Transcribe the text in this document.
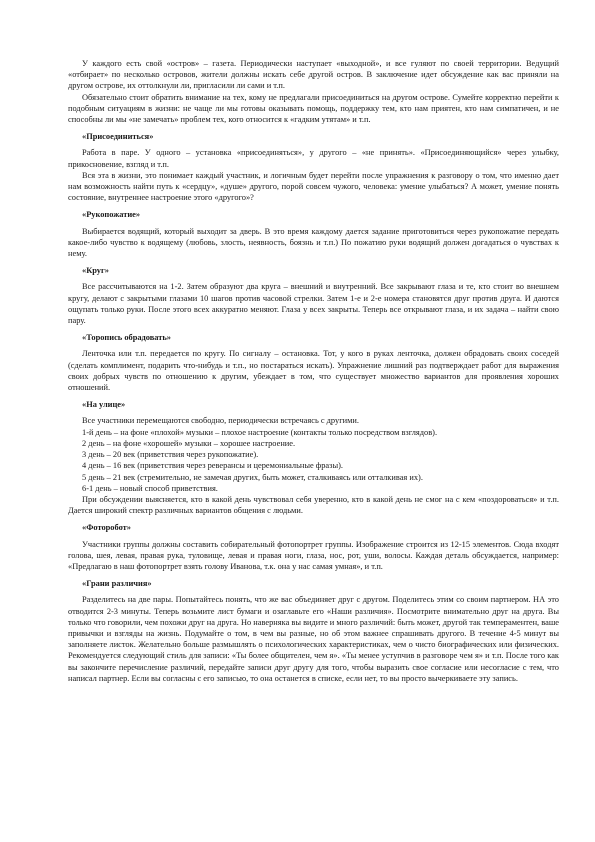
У каждого есть свой «остров» – газета. Периодически наступает «выходной», и все гуляют по своей территории. Ведущий «отбирает» по несколько островов, жители должны искать себе другой остров. В заключение идет обсуждение как вас приняли на другом острове, их оттолкнули ли, пригласили ли сами и т.п.

Обязательно стоит обратить внимание на тех, кому не предлагали присоединиться на другом острове. Сумейте корректно перейти к подобным ситуациям в жизни: не чаще ли мы готовы оказывать помощь, поддержку тем, кто нам приятен, кто нам симпатичен, и не способны ли мы «не замечать» проблем тех, кого относится к «гадким утятам» и т.п.

«Присоединиться»

Работа в паре. У одного – установка «присоединяться», у другого – «не принять». «Присоединяющийся» через улыбку, прикосновение, взгляд и т.п.

Вся эта в жизни, это понимает каждый участник, и логичным будет перейти после упражнения к разговору о том, что именно дает нам возможность найти путь к «сердцу», «душе» другого, порой совсем чужого, человека: умение улыбаться? А может, умение понять состояние, внутреннее настроение этого «другого»?

«Рукопожатие»

Выбирается водящий, который выходит за дверь. В это время каждому дается задание приготовиться через рукопожатие передать какое-либо чувство к водящему (любовь, злость, неявность, боязнь и т.п.) По пожатию руки водящий должен догадаться о чувствах к нему.

«Круг»

Все рассчитываются на 1-2. Затем образуют два круга – внешний и внутренний. Все закрывают глаза и те, кто стоит во внешнем кругу, делают с закрытыми глазами 10 шагов против часовой стрелки. Затем 1-е и 2-е номера становятся друг против друга. И даются ощупать только руки. После этого всех аккуратно меняют. Глаза у всех закрыты. Теперь все открывают глаза, и их задача – найти свою пару.

«Торопись обрадовать»

Ленточка или т.п. передается по кругу. По сигналу – остановка. Тот, у кого в руках ленточка, должен обрадовать своих соседей (сделать комплимент, подарить что-нибудь и т.п., но постараться искать). Упражнение лишний раз подтверждает работ для выражения своих добрых чувств по отношению к другим, убеждает в том, что существует множество вариантов для проявления хороших отношений.

«На улице»

Все участники перемещаются свободно, периодически встречаясь с другими.

1-й день – на фоне «плохой» музыки – плохое настроение (контакты только посредством взглядов).

2 день – на фоне «хорошей» музыки – хорошее настроение.

3 день – 20 век (приветствия через рукопожатие).

4 день – 16 век (приветствия через реверансы и церемониальные фразы).

5 день – 21 век (стремительно, не замечая других, быть может, сталкиваясь или отталкивая их).

6-1 день – новый способ приветствия.

При обсуждении выясняется, кто в какой день чувствовал себя уверенно, кто в какой день не смог на с кем «поздороваться» и т.п. Дается широкий спектр различных вариантов общения с людьми.

«Фоторобот»

Участники группы должны составить собирательный фотопортрет группы. Изображение строится из 12-15 элементов. Сюда входят голова, шея, левая, правая рука, туловище, левая и правая ноги, глаза, нос, рот, уши, волосы. Каждая деталь обсуждается, например: «Предлагаю в наш фотопортрет взять голову Иванова, т.к. она у нас самая умная», и т.п.

«Грани различия»

Разделитесь на две пары. Попытайтесь понять, что же вас объединяет друг с другом. Поделитесь этим со своим партнером. НА это отводится 2-3 минуты. Теперь возьмите лист бумаги и озаглавьте его «Наши различия». Посмотрите внимательно друг на друга. Вы только что говорили, чем похожи друг на друга. Но наверняка вы видите и много различий: быть может, другой так темпераментен, ваше привычки и взгляды на жизнь. Подумайте о том, в чем вы разные, но об этом важнее спрашивать другого. В течение 4-5 минут вы заполняете листок. Желательно больше размышлять о психологических характеристиках, чем о чисто биографических или физических. Рекомендуется следующий стиль для записи: «Ты более общителен, чем я». «Ты менее уступчив в разговоре чем я» и т.п. После того как вы закончите перечисление различий, передайте записи друг другу для того, чтобы выразить свое согласие или несогласие с тем, что написал партнер. Если вы согласны с его записью, то она останется в списке, если нет, то вы просто вычеркиваете эту запись.
